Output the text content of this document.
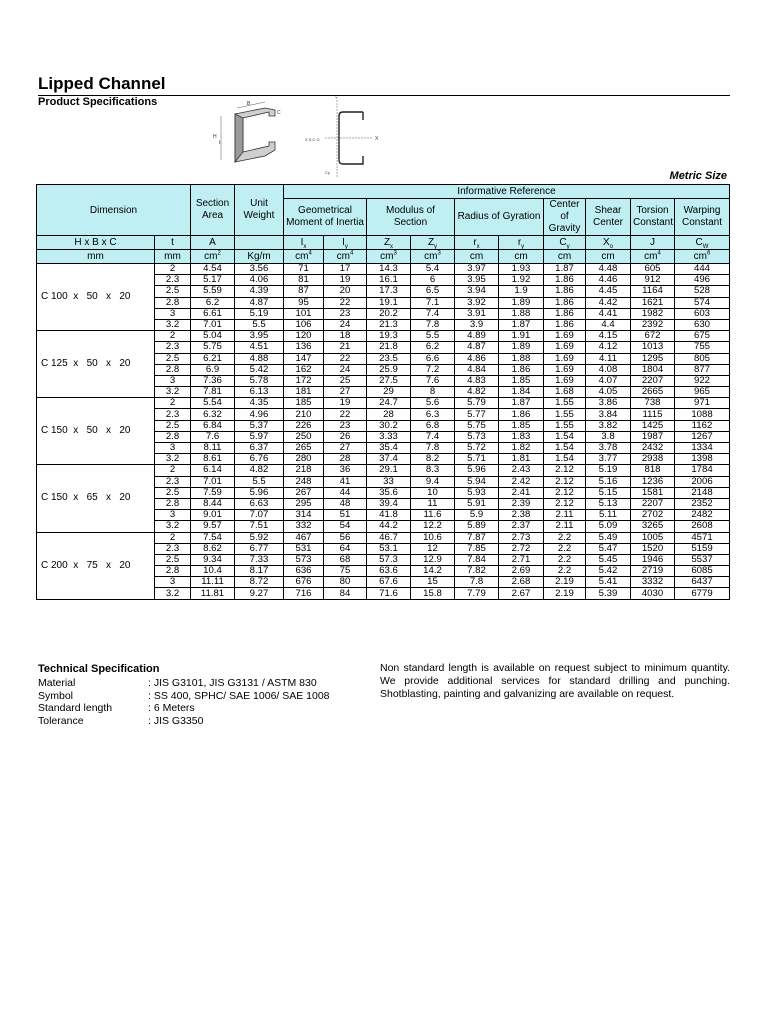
Lipped Channel
Product Specifications	B
C
H
t
X
Y
X S.C G
Cy	Metric Size
Dimension		Section Area	Unit Weight	Informative Reference									
				Geometrical Moment of Inertia		Modulus of Section		Radius of Gyration		Center of Gravity	Shear Center	Torsion Constant	Warping Constant
H x B x C	t	A		$I_x$	$I_y$	$Z_x$	$Z_y$	$r_x$	$r_y$	$C_y$	$X_o$	J	$C_W$
mm	mm	$cm^2$	Kg/m	$cm^4$	$cm^4$	$cm^3$	$cm^3$	cm	cm	cm	cm	$cm^4$	$cm^6$
C 100  x   50   x   20	2	4.54	3.56	71	17	14.3	5.4	3.97	1.93	1.87	4.48	605	444
	2.3	5.17	4.06	81	19	16.1	6	3.95	1.92	1.86	4.46	912	496
	2.5	5.59	4.39	87	20	17.3	6.5	3.94	1.9	1.86	4.45	1164	528
	2.8	6.2	4.87	95	22	19.1	7.1	3.92	1.89	1.86	4.42	1621	574
	3	6.61	5.19	101	23	20.2	7.4	3.91	1.88	1.86	4.41	1982	603
	3.2	7.01	5.5	106	24	21.3	7.8	3.9	1.87	1.86	4.4	2392	630
C 125  x   50   x   20	2	5.04	3.95	120	18	19.3	5.5	4.89	1.91	1.69	4.15	672	675
	2.3	5.75	4.51	136	21	21.8	6.2	4.87	1.89	1.69	4.12	1013	755
	2.5	6.21	4.88	147	22	23.5	6.6	4.86	1.88	1.69	4.11	1295	805
	2.8	6.9	5.42	162	24	25.9	7.2	4.84	1.86	1.69	4.08	1804	877
	3	7.36	5.78	172	25	27.5	7.6	4.83	1.85	1.69	4.07	2207	922
	3.2	7.81	6.13	181	27	29	8	4.82	1.84	1.68	4.05	2665	965
C 150  x   50   x   20	2	5.54	4.35	185	19	24.7	5.6	5.79	1.87	1.55	3.86	738	971
	2.3	6.32	4.96	210	22	28	6.3	5.77	1.86	1.55	3.84	1115	1088
	2.5	6.84	5.37	226	23	30.2	6.8	5.75	1.85	1.55	3.82	1425	1162
	2.8	7.6	5.97	250	26	3.33	7.4	5.73	1.83	1.54	3.8	1987	1267
	3	8.11	6.37	265	27	35.4	7.8	5.72	1.82	1.54	3.78	2432	1334
	3.2	8.61	6.76	280	28	37.4	8.2	5.71	1.81	1.54	3.77	2938	1398
C 150  x   65   x   20	2	6.14	4.82	218	36	29.1	8.3	5.96	2.43	2.12	5.19	818	1784
	2.3	7.01	5.5	248	41	33	9.4	5.94	2.42	2.12	5.16	1236	2006
	2.5	7.59	5.96	267	44	35.6	10	5.93	2.41	2.12	5.15	1581	2148
	2.8	8.44	6.63	295	48	39.4	11	5.91	2.39	2.12	5.13	2207	2352
	3	9.01	7.07	314	51	41.8	11.6	5.9	2.38	2.11	5.11	2702	2482
	3.2	9.57	7.51	332	54	44.2	12.2	5.89	2.37	2.11	5.09	3265	2608
C 200  x   75   x   20	2	7.54	5.92	467	56	46.7	10.6	7.87	2.73	2.2	5.49	1005	4571
	2.3	8.62	6.77	531	64	53.1	12	7.85	2.72	2.2	5.47	1520	5159
	2.5	9.34	7.33	573	68	57.3	12.9	7.84	2.71	2.2	5.45	1946	5537
	2.8	10.4	8.17	636	75	63.6	14.2	7.82	2.69	2.2	5.42	2719	6085
	3	11.11	8.72	676	80	67.6	15	7.8	2.68	2.19	5.41	3332	6437
	3.2	11.81	9.27	716	84	71.6	15.8	7.79	2.67	2.19	5.39	4030	6779
Technical Specification
Material	: JIS G3101, JIS G3131 / ASTM 830
Symbol	: SS 400, SPHC/ SAE 1006/ SAE 1008
Standard length	: 6 Meters
Tolerance	: JIS G3350
Non standard length is available on request subject to minimum quantity. We provide additional services for standard drilling and punching. Shotblasting, painting and galvanizing are available on request.
